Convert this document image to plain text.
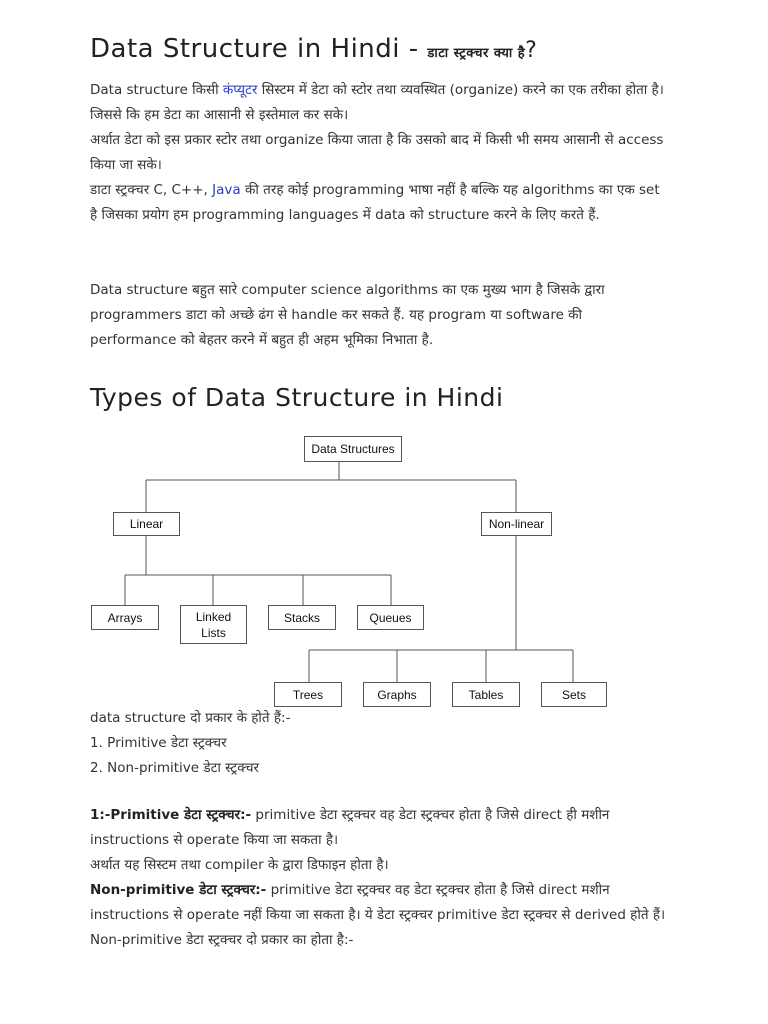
Data Structure in Hindi - डाटा स्ट्रक्चर क्या है?

Data structure किसी कंप्यूटर सिस्टम में डेटा को स्टोर तथा व्यवस्थित (organize) करने का एक तरीका होता है। जिससे कि हम डेटा का आसानी से इस्तेमाल कर सके।

अर्थात डेटा को इस प्रकार स्टोर तथा organize किया जाता है कि उसको बाद में किसी भी समय आसानी से access किया जा सके।

डाटा स्ट्रक्चर C, C++, Java की तरह कोई programming भाषा नहीं है बल्कि यह algorithms का एक set है जिसका प्रयोग हम programming languages में data को structure करने के लिए करते हैं.

Data structure बहुत सारे computer science algorithms का एक मुख्य भाग है जिसके द्वारा programmers डाटा को अच्छे ढंग से handle कर सकते हैं. यह program या software की performance को बेहतर करने में बहुत ही अहम भूमिका निभाता है.

Types of Data Structure in Hindi
Data Structures
Linear	Non-linear
Arrays	Linked Lists
Stacks	Queues
Trees	Graphs	Tables	Sets

data structure दो प्रकार के होते हैं:-

1. Primitive डेटा स्ट्रक्चर

2. Non-primitive डेटा स्ट्रक्चर

1:-Primitive डेटा स्ट्रक्चर:- primitive डेटा स्ट्रक्चर वह डेटा स्ट्रक्चर होता है जिसे direct ही मशीन instructions से operate किया जा सकता है।

अर्थात यह सिस्टम तथा compiler के द्वारा डिफाइन होता है।

Non-primitive डेटा स्ट्रक्चर:- primitive डेटा स्ट्रक्चर वह डेटा स्ट्रक्चर होता है जिसे direct मशीन instructions से operate नहीं किया जा सकता है। ये डेटा स्ट्रक्चर primitive डेटा स्ट्रक्चर से derived होते हैं।

Non-primitive डेटा स्ट्रक्चर दो प्रकार का होता है:-
